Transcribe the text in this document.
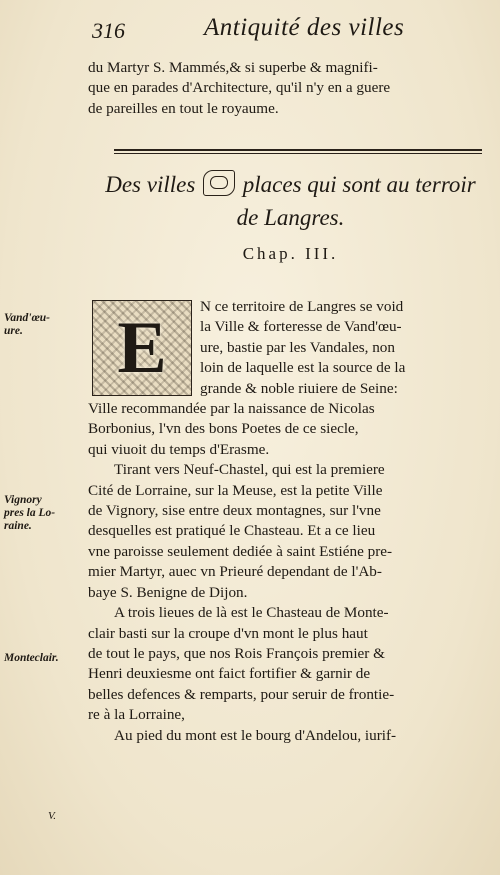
316	Antiquité des villes
du Martyr S. Mammés,& si superbe & magnifi-
que en parades d'Architecture, qu'il n'y en a guere
de pareilles en tout le royaume.
Des villes places qui sont au terroir
de Langres.
Chap. III.
E	N ce territoire de Langres se void
la Ville & forteresse de Vand'œu-
ure, bastie par les Vandales, non
loin de laquelle est la source de la
grande & noble riuiere de Seine:
Ville recommandée par la naissance de Nicolas
Borbonius, l'vn des bons Poetes de ce siecle,
qui viuoit du temps d'Erasme.
Tirant vers Neuf-Chastel, qui est la premiere
Cité de Lorraine, sur la Meuse, est la petite Ville
de Vignory, sise entre deux montagnes, sur l'vne
desquelles est pratiqué le Chasteau. Et a ce lieu
vne paroisse seulement dediée à saint Estiéne pre-
mier Martyr, auec vn Prieuré dependant de l'Ab-
baye S. Benigne de Dijon.
A trois lieues de là est le Chasteau de Monte-
clair basti sur la croupe d'vn mont le plus haut
de tout le pays, que nos Rois François premier &
Henri deuxiesme ont faict fortifier & garnir de
belles defences & remparts, pour seruir de frontie-
re à la Lorraine,
Au pied du mont est le bourg d'Andelou, iurif-
Vand'œu-
ure.
Vignory
pres la Lo-
raine.
Monteclair.
V.
